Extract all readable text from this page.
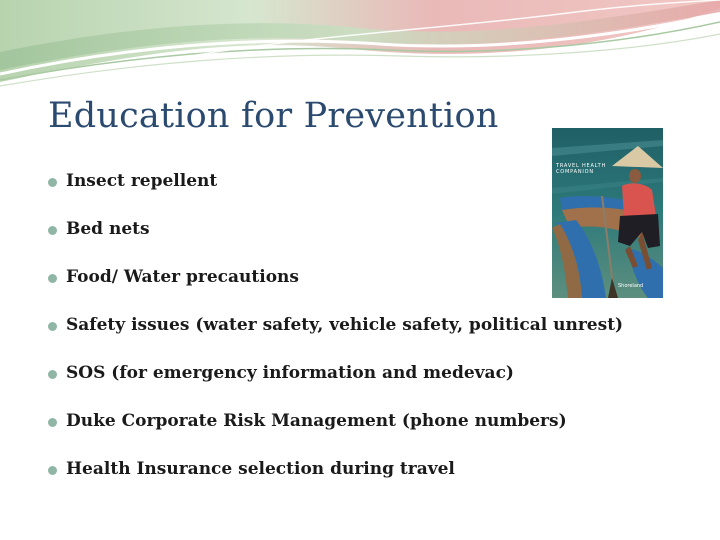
Education for Prevention
Insect repellent
Bed nets
Food/ Water precautions
Safety issues (water safety, vehicle safety, political unrest)
SOS (for emergency information and medevac)
Duke Corporate Risk Management (phone numbers)
Health Insurance selection during travel
TRAVEL HEALTH
COMPANION
Shoreland
